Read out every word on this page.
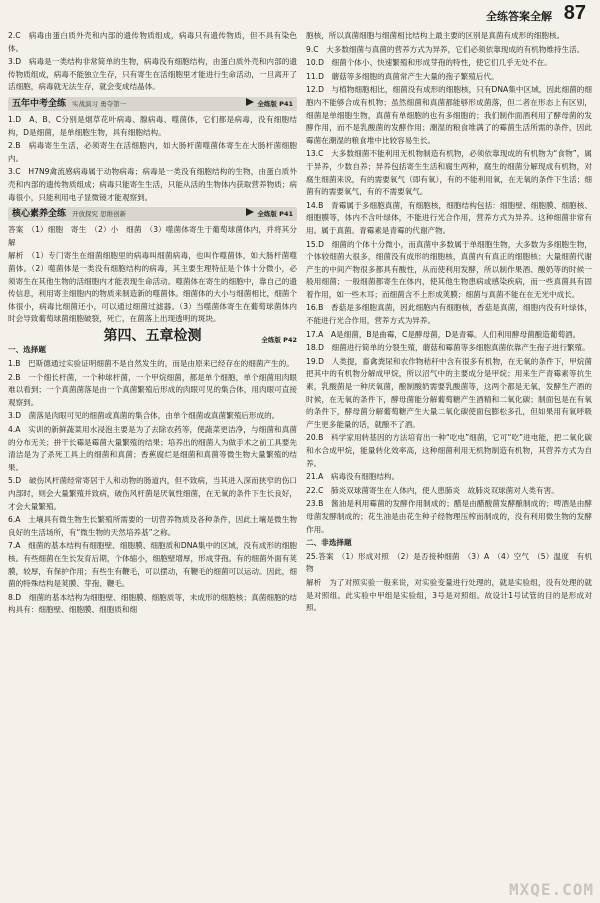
全练答案全解 87

2.C　病毒由蛋白质外壳和内部的遗传物质组成，病毒只有遗传物质，但不具有染色体。

3.D　病毒是一类结构非常简单的生物，病毒没有细胞结构，由蛋白质外壳和内部的遗传物质组成，病毒不能独立生存，只有寄生在活细胞里才能进行生命活动，一旦离开了活细胞，病毒就无法生存，就会变成结晶体。

五年中考全练 实战演习 勇夺第一	全练版 P41

1.D　A、B、C分别是烟草花叶病毒、腺病毒、噬菌体，它们都是病毒，没有细胞结构，D是细菌，是单细胞生物，具有细胞结构。

2.B　病毒寄生生活，必须寄生在活细胞内，如大肠杆菌噬菌体寄生在大肠杆菌细胞内。

3.C　H7N9禽流感病毒属于动物病毒；病毒是一类没有细胞结构的生物，由蛋白质外壳和内部的遗传物质组成；病毒只能寄生生活，只能从活的生物体内获取营养物质；病毒很小，只能利用电子显微镜才能观察到。

核心素养全练 开放探究 思维创新	全练版 P41

答案　（1）细胞　寄生　（2）小　细菌　（3）噬菌体寄生于葡萄球菌体内，并将其分解

解析　（1）专门寄生在细菌细胞里的病毒叫细菌病毒，也叫作噬菌体，如大肠杆菌噬菌体。（2）噬菌体是一类没有细胞结构的病毒，其主要生理特征是个体十分微小，必须寄生在其他生物的活细胞内才能表现生命活动。噬菌体在寄生的细胞中，靠自己的遗传信息，利用寄主细胞内的物质来制造新的噬菌体。细菌体的大小与细菌相比，细菌个体很小，病毒比细菌还小，可以通过细菌过滤器。（3）当噬菌体寄生在葡萄球菌体内时会导致葡萄球菌细胞破裂，死亡，在菌落上出现透明的斑块。

第四、五章检测	全练版 P42
一、选择题

1.B　巴斯德通过实验证明细菌不是自然发生的，而是由原来已经存在的细菌产生的。

2.B　一个细长杆菌，一个种球杆菌，一个甲烷细菌，都是单个细胞，单个细菌用肉眼难以看到；一个真菌菌落是由一个真菌繁殖后形成的肉眼可见的集合体，用肉眼可直接观察到。

3.D　菌落是肉眼可见的细菌或真菌的集合体，由单个细菌或真菌繁殖后形成的。

4.A　实训的新鲜蔬菜用水浸泡主要是为了去除农药等，使蔬菜更洁净，与细菌和真菌的分布无关；拼干长霉是霉菌大量繁殖的结果；培养出的细菌人为做手术之前工具要先清洁是为了杀死工具上的细菌和真菌；香蕉腐烂是细菌和真菌等微生物大量繁殖的结果。

5.D　破伤风杆菌经常寄居于人和动物的肠道内，但不致病，当其进入深而狭窄的伤口内部时，则会大量繁殖并致病，破伤风杆菌是厌氧性细菌，在无氧的条件下生长良好，才会大量繁殖。

6.A　土壤具有微生物生长繁殖所需要的一切营养物质及各种条件，因此土壤是微生物良好的生活场所，有“微生物的天然培养基”之称。

7.A　细菌的基本结构有细胞壁、细胞膜、细胞质和DNA集中的区域，没有成形的细胞核。有些细菌在生长发育后期，个体缩小，细胞壁增厚，形成芽孢。有的细菌外面有荚膜，较厚，有保护作用；有些生有鞭毛，可以摆动，有鞭毛的细菌可以运动。因此，细菌的特殊结构是荚膜、芽孢、鞭毛。

8.D　细菌的基本结构为细胞壁、细胞膜、细胞质等，未成形的细胞核；真菌细胞的结构具有：细胞壁、细胞膜、细胞质和细

胞核，所以真菌细胞与细菌相比结构上最主要的区别是真菌有成形的细胞核。

9.C　大多数细菌与真菌的营养方式为异养，它们必须依靠现成的有机物维持生活。

10.D　细菌个体小、快速繁殖和形成芽孢的特性，使它们几乎无处不在。

11.D　蘑菇等多细胞的真菌常产生大量的孢子繁殖后代。

12.D　与植物细胞相比，细菌没有成形的细胞核，只有DNA集中区域，因此细菌的细胞内不能够合成有机物；虽然细菌和真菌都能够形成菌落，但二者在形态上有区别，细菌是单细胞生物，真菌有单细胞的也有多细胞的；我们制作面酒利用了酵母菌的发酵作用，而不是乳酸菌的发酵作用；潮湿的粮食堆满了的霉菌生活所需的条件，因此霉菌在潮湿的粮食堆中比较容易生长。

13.C　大多数细菌不能利用无机物制造有机物，必须依靠现成的有机物为“食物”，属于异养，少数自养；异养包括寄生生活和腐生两种，腐生的细菌分解现成有机物，对腐生细菌来说，有的需要氧气（即有氧），有的不能利用氧，在无氧的条件下生活；细菌有的需要氧气，有的不需要氧气。

14.B　青霉属于多细胞真菌，有细胞核，细胞结构包括：细胞壁、细胞膜、细胞核、细胞膜等，体内不含叶绿体，不能进行光合作用，营养方式为异养。这种细菌非常有用。属于真菌。青霉素是青霉的代谢产物。

15.D　细菌的个体十分微小，而真菌中多数属于单细胞生物，大多数为多细胞生物，个体较细菌大很多，细菌没有成形的细胞核，真菌内有真正的细胞核；大量细菌代谢产生的中间产物很多都具有酸性，从而使利用发酵，所以制作果酒、酸奶等的时候一般用细菌；一般细菌都寄生在体内，使其他生物患病或感染疾病，而一些真菌具有固着作用，如一些木耳；而细菌含不上形成荚膜；细菌与真菌不能在在无光中成长。

16.B　香菇是多细胞真菌，因此细胞内有细胞核，香菇是真菌，细胞内没有叶绿体，不能进行光合作用，营养方式为异养。

17.A　A是细菌，B是曲霉，C是酵母菌，D是青霉。人们利用酵母菌酿造葡萄酒。

18.D　细菌进行简单的分裂生殖，蘑菇和霉菌等多细胞真菌依靠产生孢子进行繁殖。

19.D　人类提，畜禽粪尿和农作物秸秆中含有很多有机物，在无氧的条件下，甲烷菌把其中的有机物分解成甲烷，所以沼气中的主要成分是甲烷；用来生产青霉素等抗生素，乳酸菌是一种厌氧菌，酿制酸奶需要乳酸菌等，这两个都是无氧，发酵生产酒的时候，在无氧的条件下，酵母菌能分解葡萄糖产生酒精和二氧化碳；制面包是在有氧的条件下，酵母菌分解葡萄糖产生大量二氧化碳使面包膨松多孔，但如果用有氧呼吸产生更多能量的话，就酿不了酒。

20.B　科学家用转基因的方法培育出一种“吃电”细菌，它可“吃”进电能，把二氧化碳和水合成甲烷，能量转化效率高，这种细菌利用无机物制造有机物，其营养方式为自养。

21.A　病毒没有细胞结构。

22.C　肺炎双球菌寄生在人体内，使人患肺炎　故肺炎双球菌对人类有害。

23.B　酱油是利用霉菌的发酵作用制成的；醋是由醋酸菌发酵酿制成的；啤酒是由酵母菌发酵制成的；花生油是由花生种子经物理压榨而制成的，没有利用微生物的发酵作用。

二、非选择题

25.答案　（1）形成对照　（2）是否接种细菌　（3）A　（4）空气　（5）温度　有机物

解析　为了对照实验一般来说，对实验变量进行处理的，就是实验组，没有处理的就是对照组。此实验中甲组是实验组，3号是对照组。故设计1号试管的目的是形成对照。

MXQE.COM
